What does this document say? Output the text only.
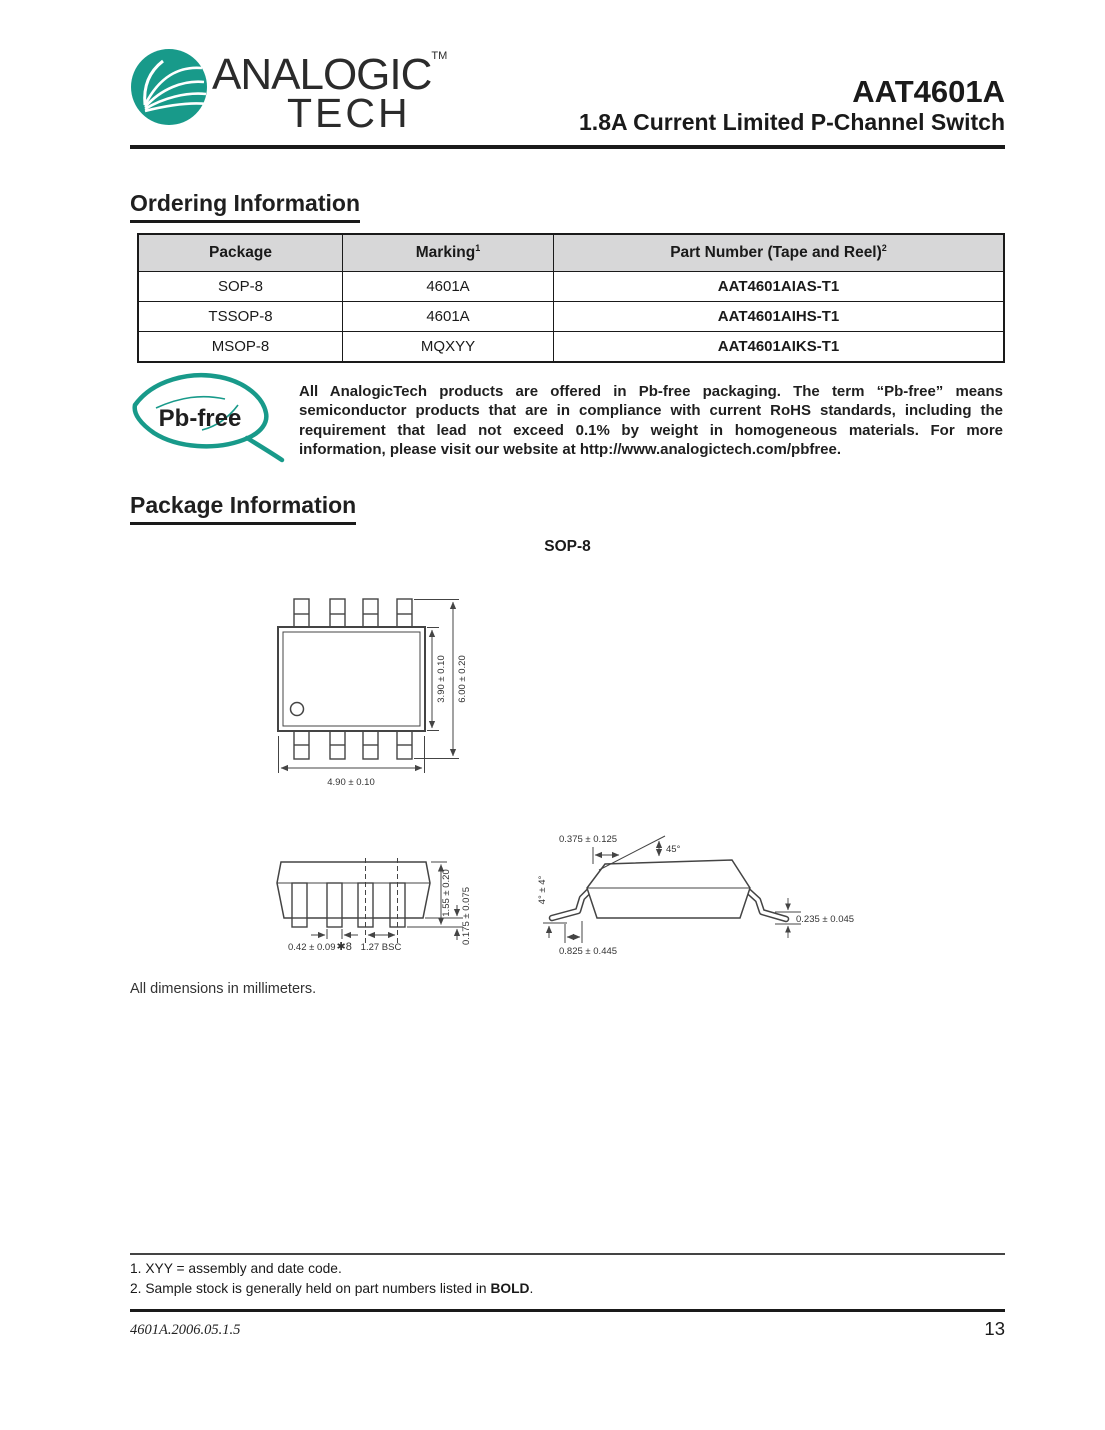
ANALOGIC™
TECH	AAT4601A
1.8A Current Limited P-Channel Switch
Ordering Information
Package	Marking$^1$	Part Number (Tape and Reel)$^2$
SOP-8	4601A	AAT4601AIAS-T1
TSSOP-8	4601A	AAT4601AIHS-T1
MSOP-8	MQXYY	AAT4601AIKS-T1
Pb-free
All AnalogicTech products are offered in Pb-free packaging. The term “Pb-free” means semiconductor products that are in compliance with current RoHS standards, including the requirement that lead not exceed 0.1% by weight in homogeneous materials. For more information, please visit our website at http://www.analogictech.com/pbfree.
Package Information
SOP-8
3.90 ± 0.10 6.00 ± 0.20
4.90 ± 0.10
1.55 ± 0.20 0.175 ± 0.075
0.42 ± 0.09✱8 1.27 BSC
45°
0.375 ± 0.125
4° ± 4°
0.825 ± 0.445
0.235 ± 0.045
All dimensions in millimeters.
1. XYY = assembly and date code.
2. Sample stock is generally held on part numbers listed in BOLD.
4601A.2006.05.1.5	13
